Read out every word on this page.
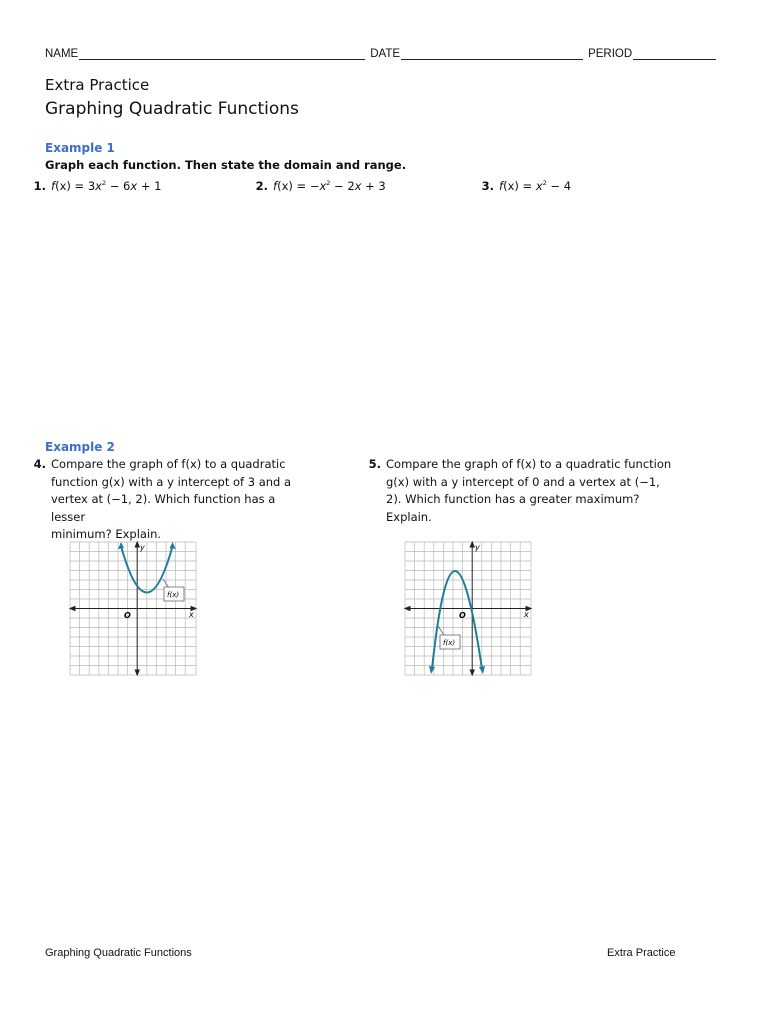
NAME	DATE	PERIOD
Extra Practice
Graphing Quadratic Functions
Example 1
Graph each function. Then state the domain and range.
1. $f(x) = 3x^2 - 6x + 1$	2. $f(x) = -x^2 - 2x + 3$	3. $f(x) = x^2 - 4$
Example 2
4. Compare the graph of f(x) to a quadratic

function g(x) with a y intercept of 3 and a

vertex at (−1, 2). Which function has a lesser

minimum? Explain.

5. Compare the graph of f(x) to a quadratic function

g(x) with a y intercept of 0 and a vertex at (−1,

2). Which function has a greater maximum?

Explain.

y
x
O
f(x)
y
x
O
f(x)
Graphing Quadratic Functions	Extra Practice
